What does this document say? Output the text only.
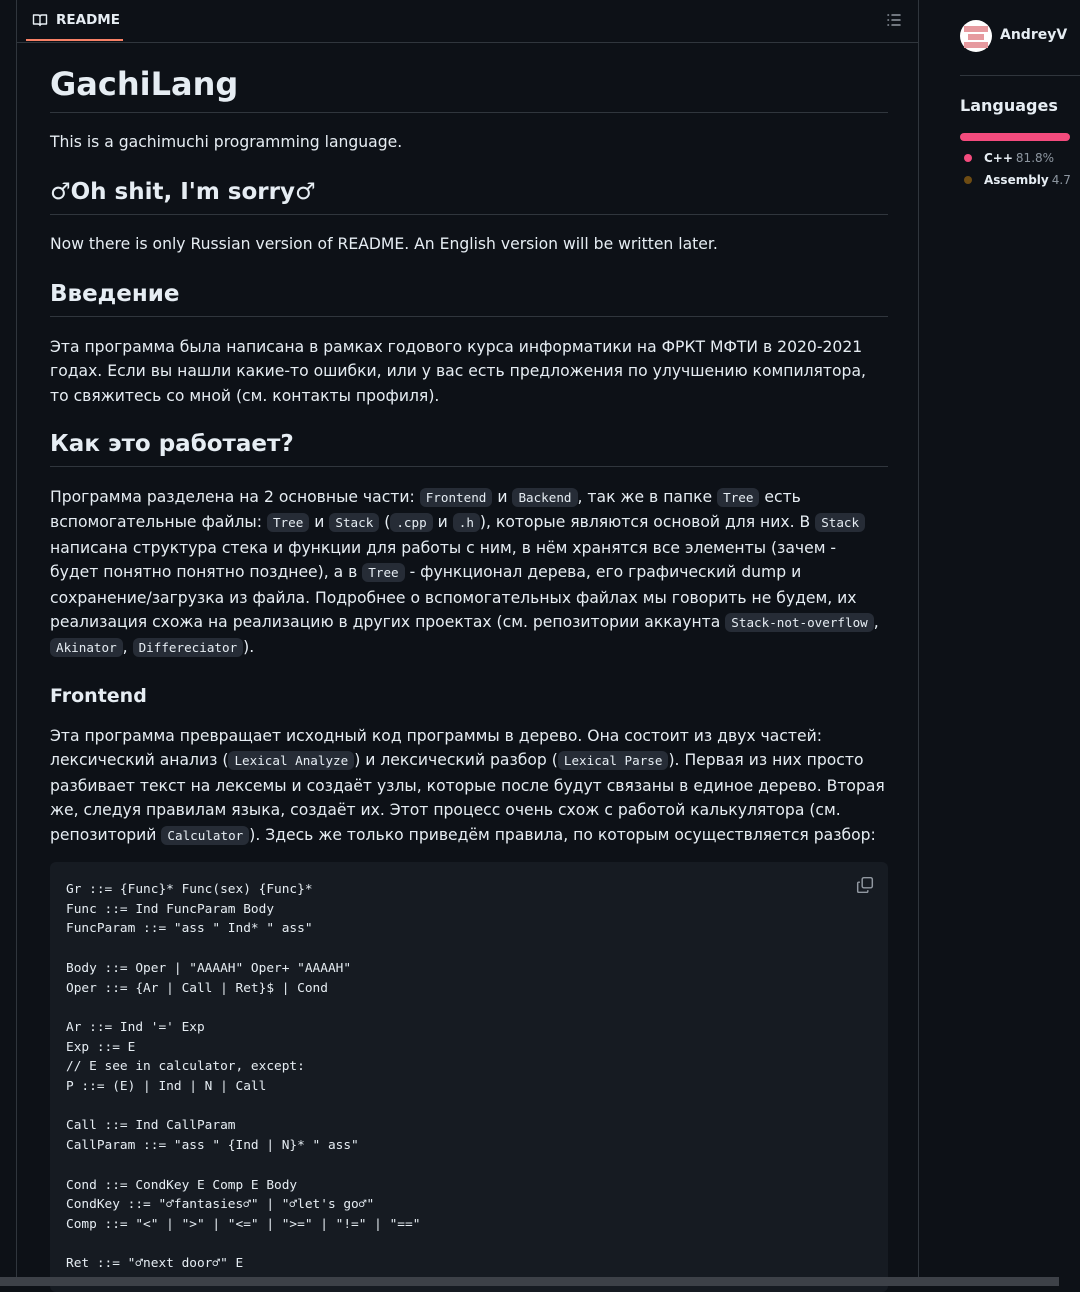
README
GachiLang

This is a gachimuchi programming language.

♂Oh shit, I'm sorry♂

Now there is only Russian version of README. An English version will be written later.

Введение

Эта программа была написана в рамках годового курса информатики на ФРКТ МФТИ в 2020-2021 годах. Если вы нашли какие-то ошибки, или у вас есть предложения по улучшению компилятора, то свяжитесь со мной (см. контакты профиля).

Как это работает?

Программа разделена на 2 основные части: Frontend и Backend , так же в папке Tree есть вспомогательные файлы: Tree и Stack ( .cpp и .h ), которые являются основой для них. В Stack написана структура стека и функции для работы с ним, в нём хранятся все элементы (зачем - будет понятно понятно позднее), а в Tree - функционал дерева, его графический dump и сохранение/загрузка из файла. Подробнее о вспомогательных файлах мы говорить не будем, их реализация схожа на реализацию в других проектах (см. репозитории аккаунта Stack-not-overflow , Akinator , Differeciator ).

Frontend

Эта программа превращает исходный код программы в дерево. Она состоит из двух частей: лексический анализ ( Lexical Analyze ) и лексический разбор ( Lexical Parse ). Первая из них просто разбивает текст на лексемы и создаёт узлы, которые после будут связаны в единое дерево. Вторая же, следуя правилам языка, создаёт их. Этот процесс очень схож с работой калькулятора (см. репозиторий Calculator ). Здесь же только приведём правила, по которым осуществляется разбор:

Gr ::= {Func}* Func(sex) {Func}*
Func ::= Ind FuncParam Body
FuncParam ::= "ass " Ind* " ass"

Body ::= Oper | "AAAAH" Oper+ "AAAAH"
Oper ::= {Ar | Call | Ret}$ | Cond

Ar ::= Ind '=' Exp
Exp ::= E
// E see in calculator, except:
P ::= (E) | Ind | N | Call

Call ::= Ind CallParam
CallParam ::= "ass " {Ind | N}* " ass"

Cond ::= CondKey E Comp E Body
CondKey ::= "♂fantasies♂" | "♂let's go♂"
Comp ::= "<" | ">" | "<=" | ">=" | "!=" | "=="

Ret ::= "♂next door♂" E
AndreyV
Languages
C++ 81.8%
Assembly 4.7
